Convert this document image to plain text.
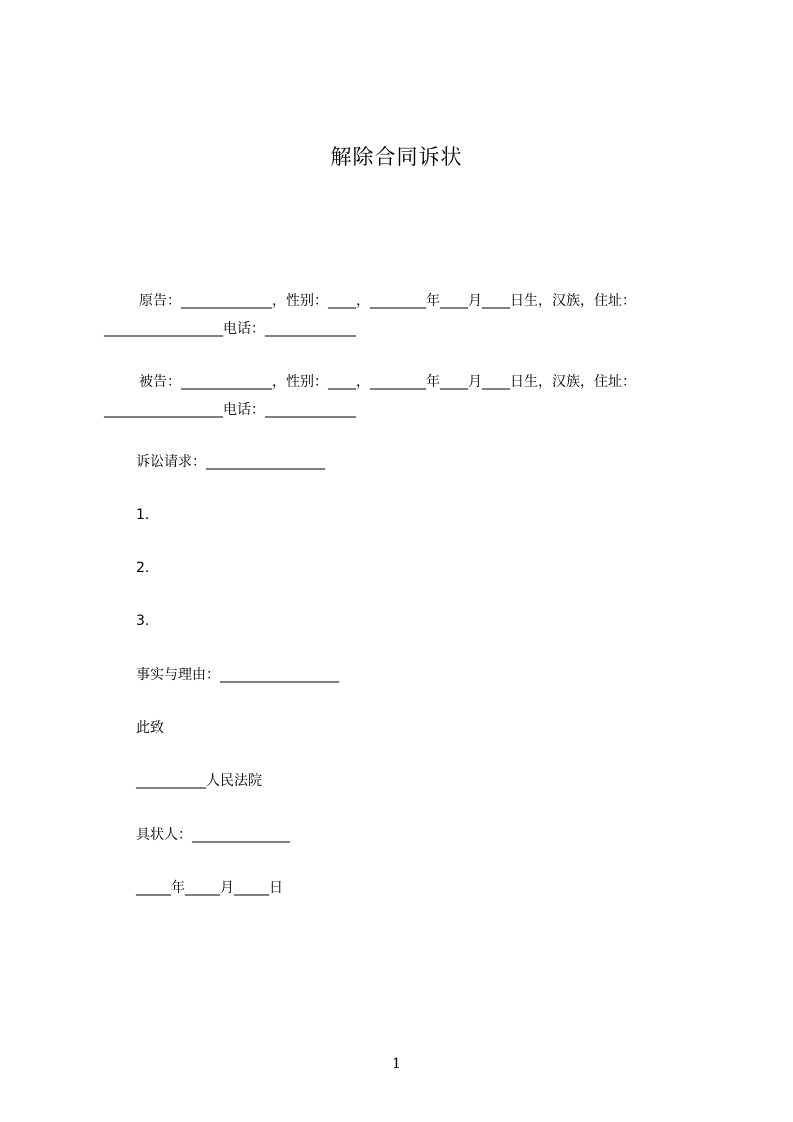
解除合同诉状
原告：_____________，性别：____，________年____月____日生，汉族，住址：
_________________电话：_____________
被告：_____________，性别：____，________年____月____日生，汉族，住址：
_________________电话：_____________
诉讼请求：_________________
1.
2.
3.
事实与理由：_________________
此致
__________人民法院
具状人：______________
_____年_____月_____日
1
